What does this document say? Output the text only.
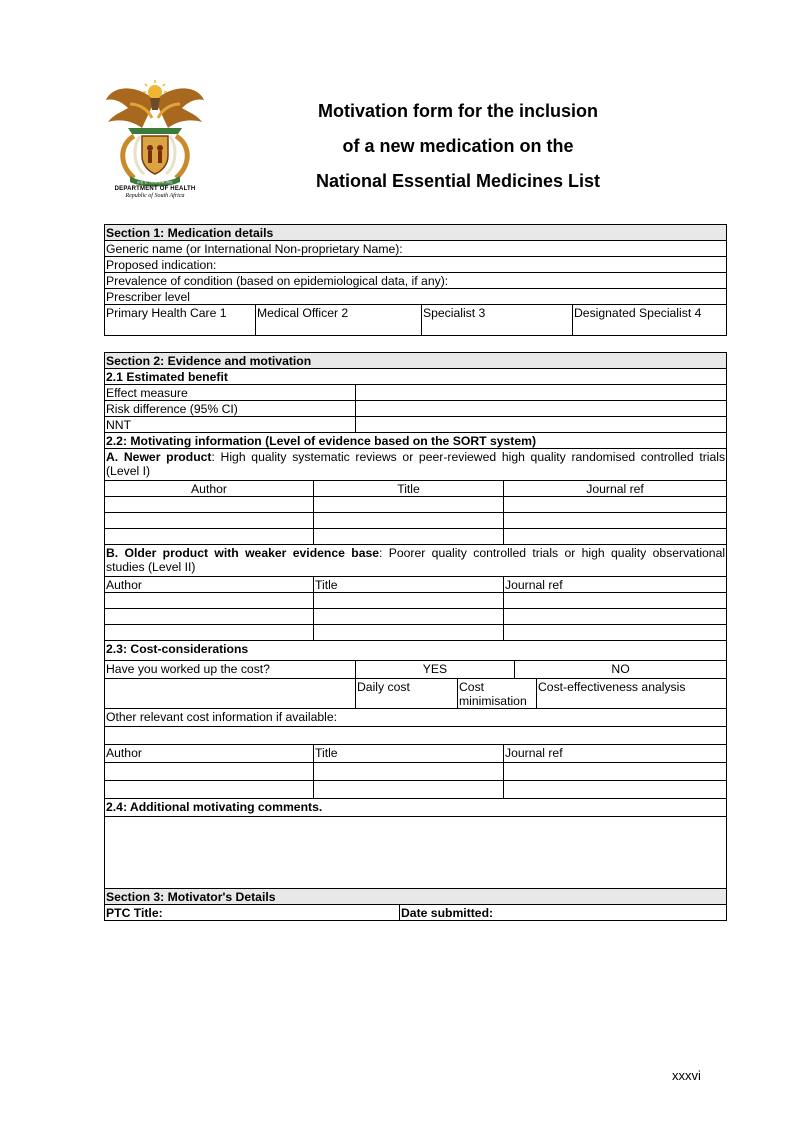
!KE E: /XARRA //KE
DEPARTMENT OF HEALTH
Republic of South Africa
Motivation form for the inclusion
of a new medication on the
National Essential Medicines List
Section 1: Medication details
Generic name (or International Non-proprietary Name):
Proposed indication:
Prevalence of condition (based on epidemiological data, if any):
Prescriber level
Primary Health Care 1	Medical Officer 2	Specialist 3	Designated Specialist 4
Section 2: Evidence and motivation						
2.1 Estimated benefit						
Effect measure						
Risk difference (95% CI)						
NNT						
2.2: Motivating information (Level of evidence based on the SORT system)						
A. Newer product: High quality systematic reviews or peer-reviewed high quality randomised controlled trials (Level I)						
Author	Title			Journal ref		

B. Older product with weaker evidence base: Poorer quality controlled trials or high quality observational studies (Level II)						
Author	Title			Journal ref		

2.3: Cost-considerations						
Have you worked up the cost?		YES			NO	
		Daily cost	Cost minimisation			Cost-effectiveness analysis
Other relevant cost information if available:						

Author	Title			Journal ref		

2.4: Additional motivating comments.						

Section 3: Motivator's Details
PTC Title:	Date submitted:
xxxvi
